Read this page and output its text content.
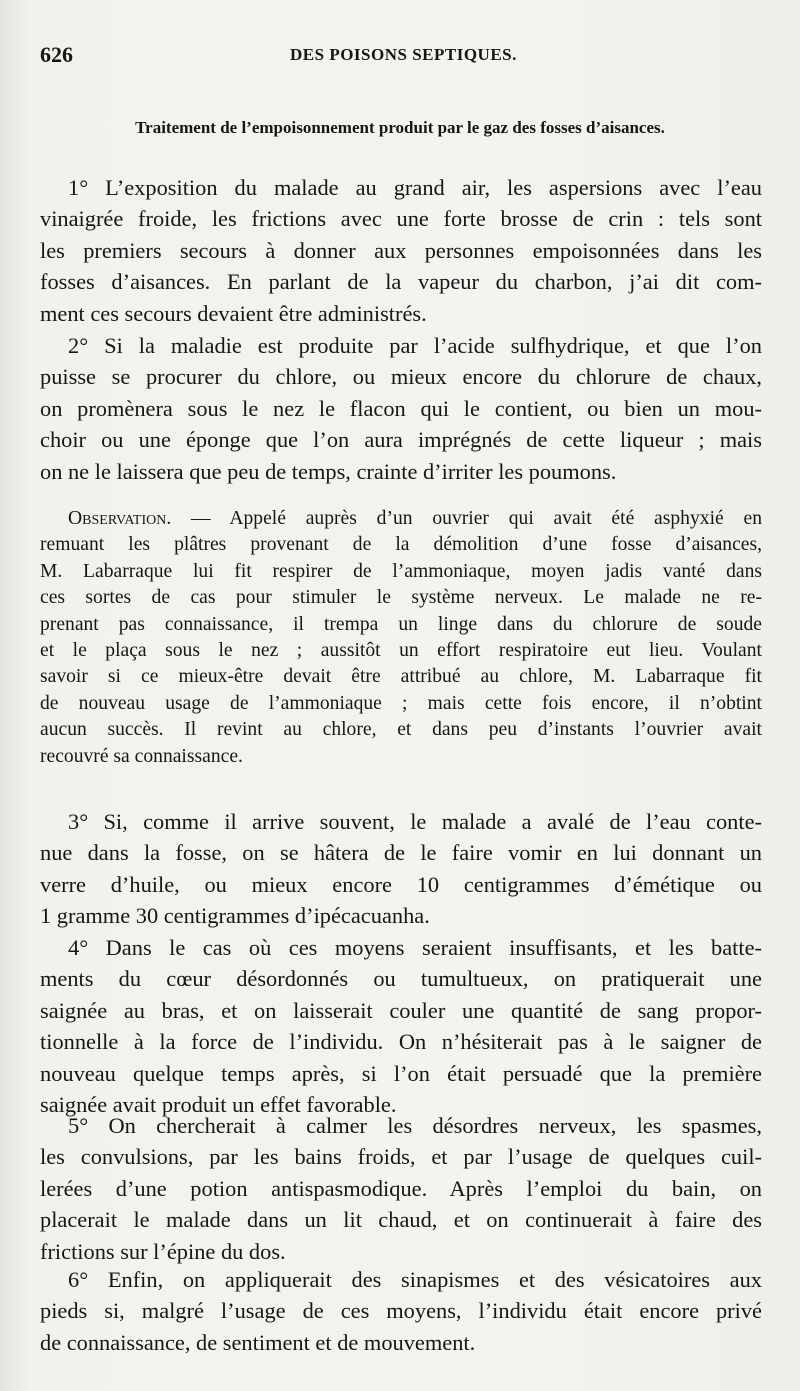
626	DES POISONS SEPTIQUES.
Traitement de l’empoisonnement produit par le gaz des fosses d’aisances.
1° L’exposition du malade au grand air, les aspersions avec l’eau
vinaigrée froide, les frictions avec une forte brosse de crin : tels sont
les premiers secours à donner aux personnes empoisonnées dans les
fosses d’aisances. En parlant de la vapeur du charbon, j’ai dit com-
ment ces secours devaient être administrés.
2° Si la maladie est produite par l’acide sulfhydrique, et que l’on
puisse se procurer du chlore, ou mieux encore du chlorure de chaux,
on promènera sous le nez le flacon qui le contient, ou bien un mou-
choir ou une éponge que l’on aura imprégnés de cette liqueur ; mais
on ne le laissera que peu de temps, crainte d’irriter les poumons.
Observation. — Appelé auprès d’un ouvrier qui avait été asphyxié en
remuant les plâtres provenant de la démolition d’une fosse d’aisances,
M. Labarraque lui fit respirer de l’ammoniaque, moyen jadis vanté dans
ces sortes de cas pour stimuler le système nerveux. Le malade ne re-
prenant pas connaissance, il trempa un linge dans du chlorure de soude
et le plaça sous le nez ; aussitôt un effort respiratoire eut lieu. Voulant
savoir si ce mieux-être devait être attribué au chlore, M. Labarraque fit
de nouveau usage de l’ammoniaque ; mais cette fois encore, il n’obtint
aucun succès. Il revint au chlore, et dans peu d’instants l’ouvrier avait
recouvré sa connaissance.
3° Si, comme il arrive souvent, le malade a avalé de l’eau conte-
nue dans la fosse, on se hâtera de le faire vomir en lui donnant un
verre d’huile, ou mieux encore 10 centigrammes d’émétique ou
1 gramme 30 centigrammes d’ipécacuanha.
4° Dans le cas où ces moyens seraient insuffisants, et les batte-
ments du cœur désordonnés ou tumultueux, on pratiquerait une
saignée au bras, et on laisserait couler une quantité de sang propor-
tionnelle à la force de l’individu. On n’hésiterait pas à le saigner de
nouveau quelque temps après, si l’on était persuadé que la première
saignée avait produit un effet favorable.
5° On chercherait à calmer les désordres nerveux, les spasmes,
les convulsions, par les bains froids, et par l’usage de quelques cuil-
lerées d’une potion antispasmodique. Après l’emploi du bain, on
placerait le malade dans un lit chaud, et on continuerait à faire des
frictions sur l’épine du dos.
6° Enfin, on appliquerait des sinapismes et des vésicatoires aux
pieds si, malgré l’usage de ces moyens, l’individu était encore privé
de connaissance, de sentiment et de mouvement.
